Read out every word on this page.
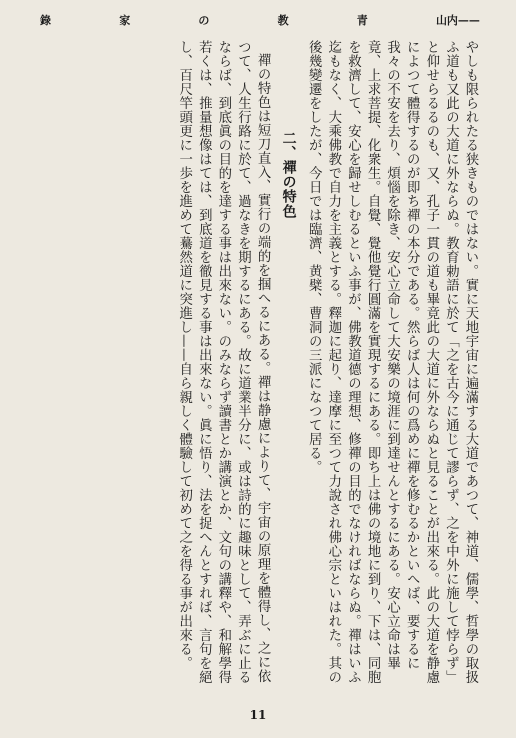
錄	家	の	教	青	山内——

やしも限られたる狭きものではない。實に天地宇宙に遍滿する大道であつて、神道、儒學、哲學の取扱ふ道も又此の大道に外ならぬ。教育勅語に於て「之を古今に通じて謬らず、之を中外に施して悖らず」と仰せらるるのも、又、孔子一貫の道も畢竟此の大道に外ならぬと見ることが出來る。此の大道を静慮によつて體得するのが即ち禪の本分である。然らば人は何の爲めに禪を修むるかといへば、要するに我々の不安を去り、煩惱を除き、安心立命して大安樂の境涯に到達せんとするにある。安心立命は畢竟、上求菩提、化衆生。自覺、覺他覺行圓滿を實現するにある。即ち上は佛の境地に到り、下は、同胞を救濟して、安心を歸せしむるといふ事が、佛教道德の理想、修禪の目的でなければならぬ。禪はいふ迄もなく、大乘佛教で自力を主義とする。釋迦に起り、達摩に至つて力說され佛心宗といはれた。其の後幾變遷をしたが、今日では臨濟、黄檗、曹洞の三派になつて居る。

二、禪の特色

禪の特色は短刀直入、實行の端的を掴へるにある。禪は静慮によりて、宇宙の原理を體得し、之に依つて、人生行路に於て、過なきを期するにある。故に道業半分に、或は詩的に趣味として、弄ぶに止るならば、到底眞の目的を達する事は出來ない。のみならず讀書とか講演とか、文句の講釋や、和解學得若くは、推量想像はては、到底道を徹見する事は出來ない。眞に悟り、法を捉へんとすれば、言句を絕し、百尺竿頭更に一歩を進めて驀然道に突進し——自ら親しく體驗して初めて之を得る事が出來る。

11
